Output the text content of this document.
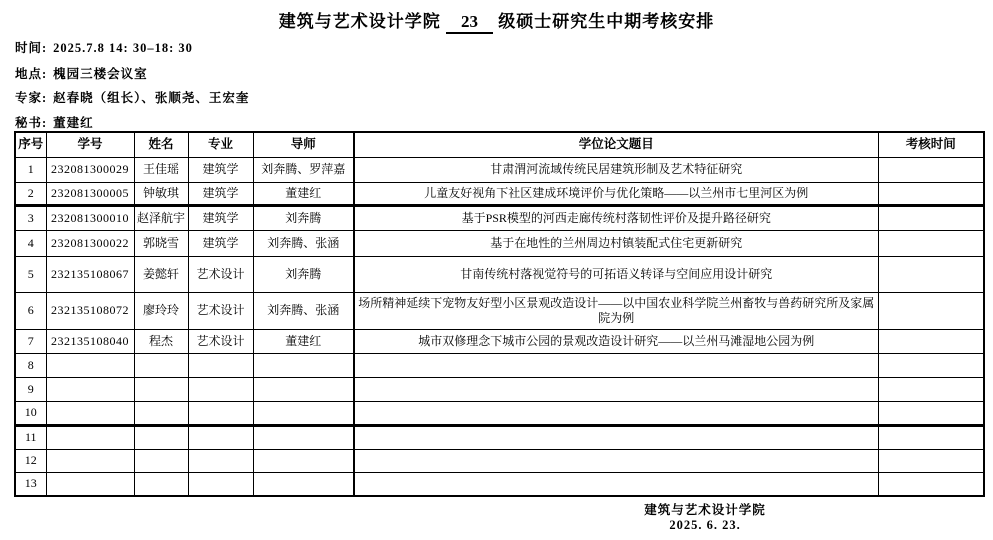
建筑与艺术设计学院 23 级硕士研究生中期考核安排
时间: 2025.7.8 14: 30–18: 30
地点: 槐园三楼会议室
专家: 赵春晓（组长）、张顺尧、王宏奎
秘书: 董建红
序号	学号	姓名	专业	导师	学位论文题目	考核时间
1	232081300029	王佳瑶	建筑学	刘奔腾、罗萍嘉	甘肃渭河流域传统民居建筑形制及艺术特征研究	
2	232081300005	钟敏琪	建筑学	董建红	儿童友好视角下社区建成环境评价与优化策略——以兰州市七里河区为例	
3	232081300010	赵泽航宇	建筑学	刘奔腾	基于PSR模型的河西走廊传统村落韧性评价及提升路径研究	
4	232081300022	郭晓雪	建筑学	刘奔腾、张涵	基于在地性的兰州周边村镇装配式住宅更新研究	
5	232135108067	姜懿轩	艺术设计	刘奔腾	甘南传统村落视觉符号的可拓语义转译与空间应用设计研究	
6	232135108072	廖玲玲	艺术设计	刘奔腾、张涵	场所精神延续下宠物友好型小区景观改造设计——以中国农业科学院兰州畜牧与兽药研究所及家属院为例	
7	232135108040	程杰	艺术设计	董建红	城市双修理念下城市公园的景观改造设计研究——以兰州马滩湿地公园为例	
8						
9						
10						
11						
12						
13						
建筑与艺术设计学院
2025. 6. 23.
